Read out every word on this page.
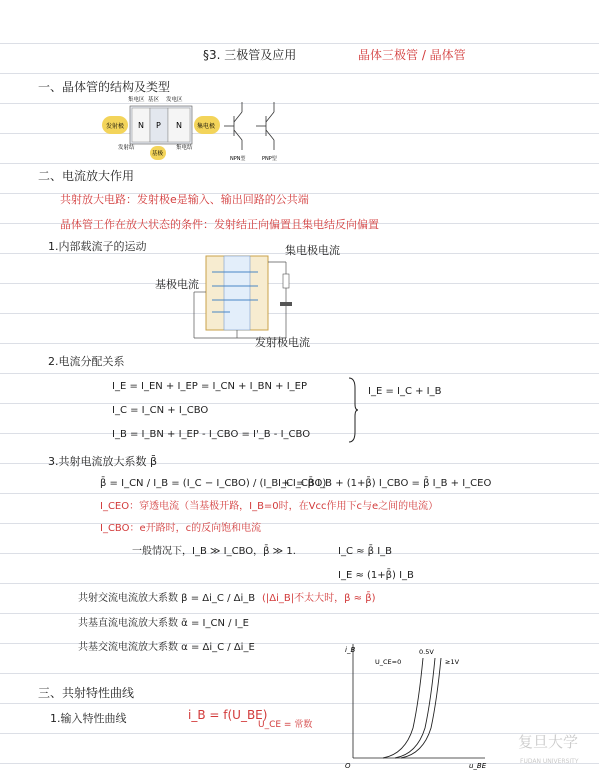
§3. 三极管及应用	晶体三极管 / 晶体管
一、晶体管的结构及类型
发射极 N P N
集电区 基区 发电区
集电极
基极
发射结	集电结
NPN型	PNP型
二、电流放大作用
共射放大电路：发射极e是输入、输出回路的公共端
晶体管工作在放大状态的条件：发射结正向偏置且集电结反向偏置
1.内部载流子的运动	集电极电流
基极电流
发射极电流
2.电流分配关系
I_E = I_EN + I_EP = I_CN + I_BN + I_EP
I_C = I_CN + I_CBO
I_B = I_BN + I_EP - I_CBO = I'_B - I_CBO
I_E = I_C + I_B
3.共射电流放大系数 β̄
β̄ = I_CN / I_B = (I_C − I_CBO) / (I_B + I_CBO)
I_C = β̄ I_B + (1+β̄) I_CBO = β̄ I_B + I_CEO
I_CEO：穿透电流（当基极开路，I_B=0时，在Vcc作用下c与e之间的电流）
I_CBO：e开路时，c的反向饱和电流
一般情况下，I_B ≫ I_CBO，β̄ ≫ 1.	I_C ≈ β̄ I_B
I_E ≈ (1+β̄) I_B
共射交流电流放大系数 β = Δi_C / Δi_B (|Δi_B|不太大时，β ≈ β̄)
共基直流电流放大系数 ᾱ = I_CN / I_E
共基交流电流放大系数 α = Δi_C / Δi_E
三、共射特性曲线
1.输入特性曲线	i_B = f(U_BE)
U_CE = 常数
i_B
u_BE
O
U_CE=0
0.5V
≥1V
复旦大学
FUDAN UNIVERSITY
